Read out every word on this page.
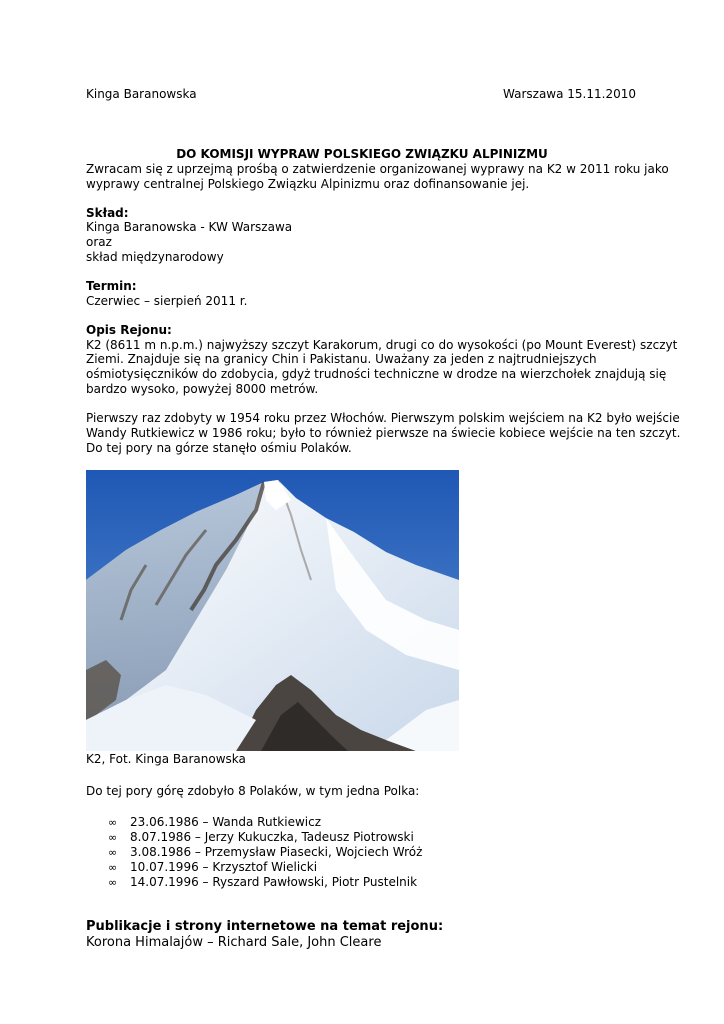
Kinga Baranowska	Warszawa 15.11.2010

DO KOMISJI WYPRAW POLSKIEGO ZWIĄZKU ALPINIZMU

Zwracam się z uprzejmą prośbą o zatwierdzenie organizowanej wyprawy na K2 w 2011 roku jako

wyprawy centralnej Polskiego Związku Alpinizmu oraz dofinansowanie jej.

Skład:

Kinga Baranowska - KW Warszawa

oraz

skład międzynarodowy

Termin:

Czerwiec – sierpień 2011 r.

Opis Rejonu:

K2 (8611 m n.p.m.) najwyższy szczyt Karakorum, drugi co do wysokości (po Mount Everest) szczyt

Ziemi. Znajduje się na granicy Chin i Pakistanu. Uważany za jeden z najtrudniejszych

ośmiotysięczników do zdobycia, gdyż trudności techniczne w drodze na wierzchołek znajdują się

bardzo wysoko, powyżej 8000 metrów.

Pierwszy raz zdobyty w 1954 roku przez Włochów. Pierwszym polskim wejściem na K2 było wejście

Wandy Rutkiewicz w 1986 roku; było to również pierwsze na świecie kobiece wejście na ten szczyt.

Do tej pory na górze stanęło ośmiu Polaków.

K2, Fot. Kinga Baranowska

Do tej pory górę zdobyło 8 Polaków, w tym jedna Polka:

∞ 23.06.1986 – Wanda Rutkiewicz
∞ 8.07.1986 – Jerzy Kukuczka, Tadeusz Piotrowski
∞ 3.08.1986 – Przemysław Piasecki, Wojciech Wróż
∞ 10.07.1996 – Krzysztof Wielicki
∞ 14.07.1996 – Ryszard Pawłowski, Piotr Pustelnik

Publikacje i strony internetowe na temat rejonu:

Korona Himalajów – Richard Sale, John Cleare
